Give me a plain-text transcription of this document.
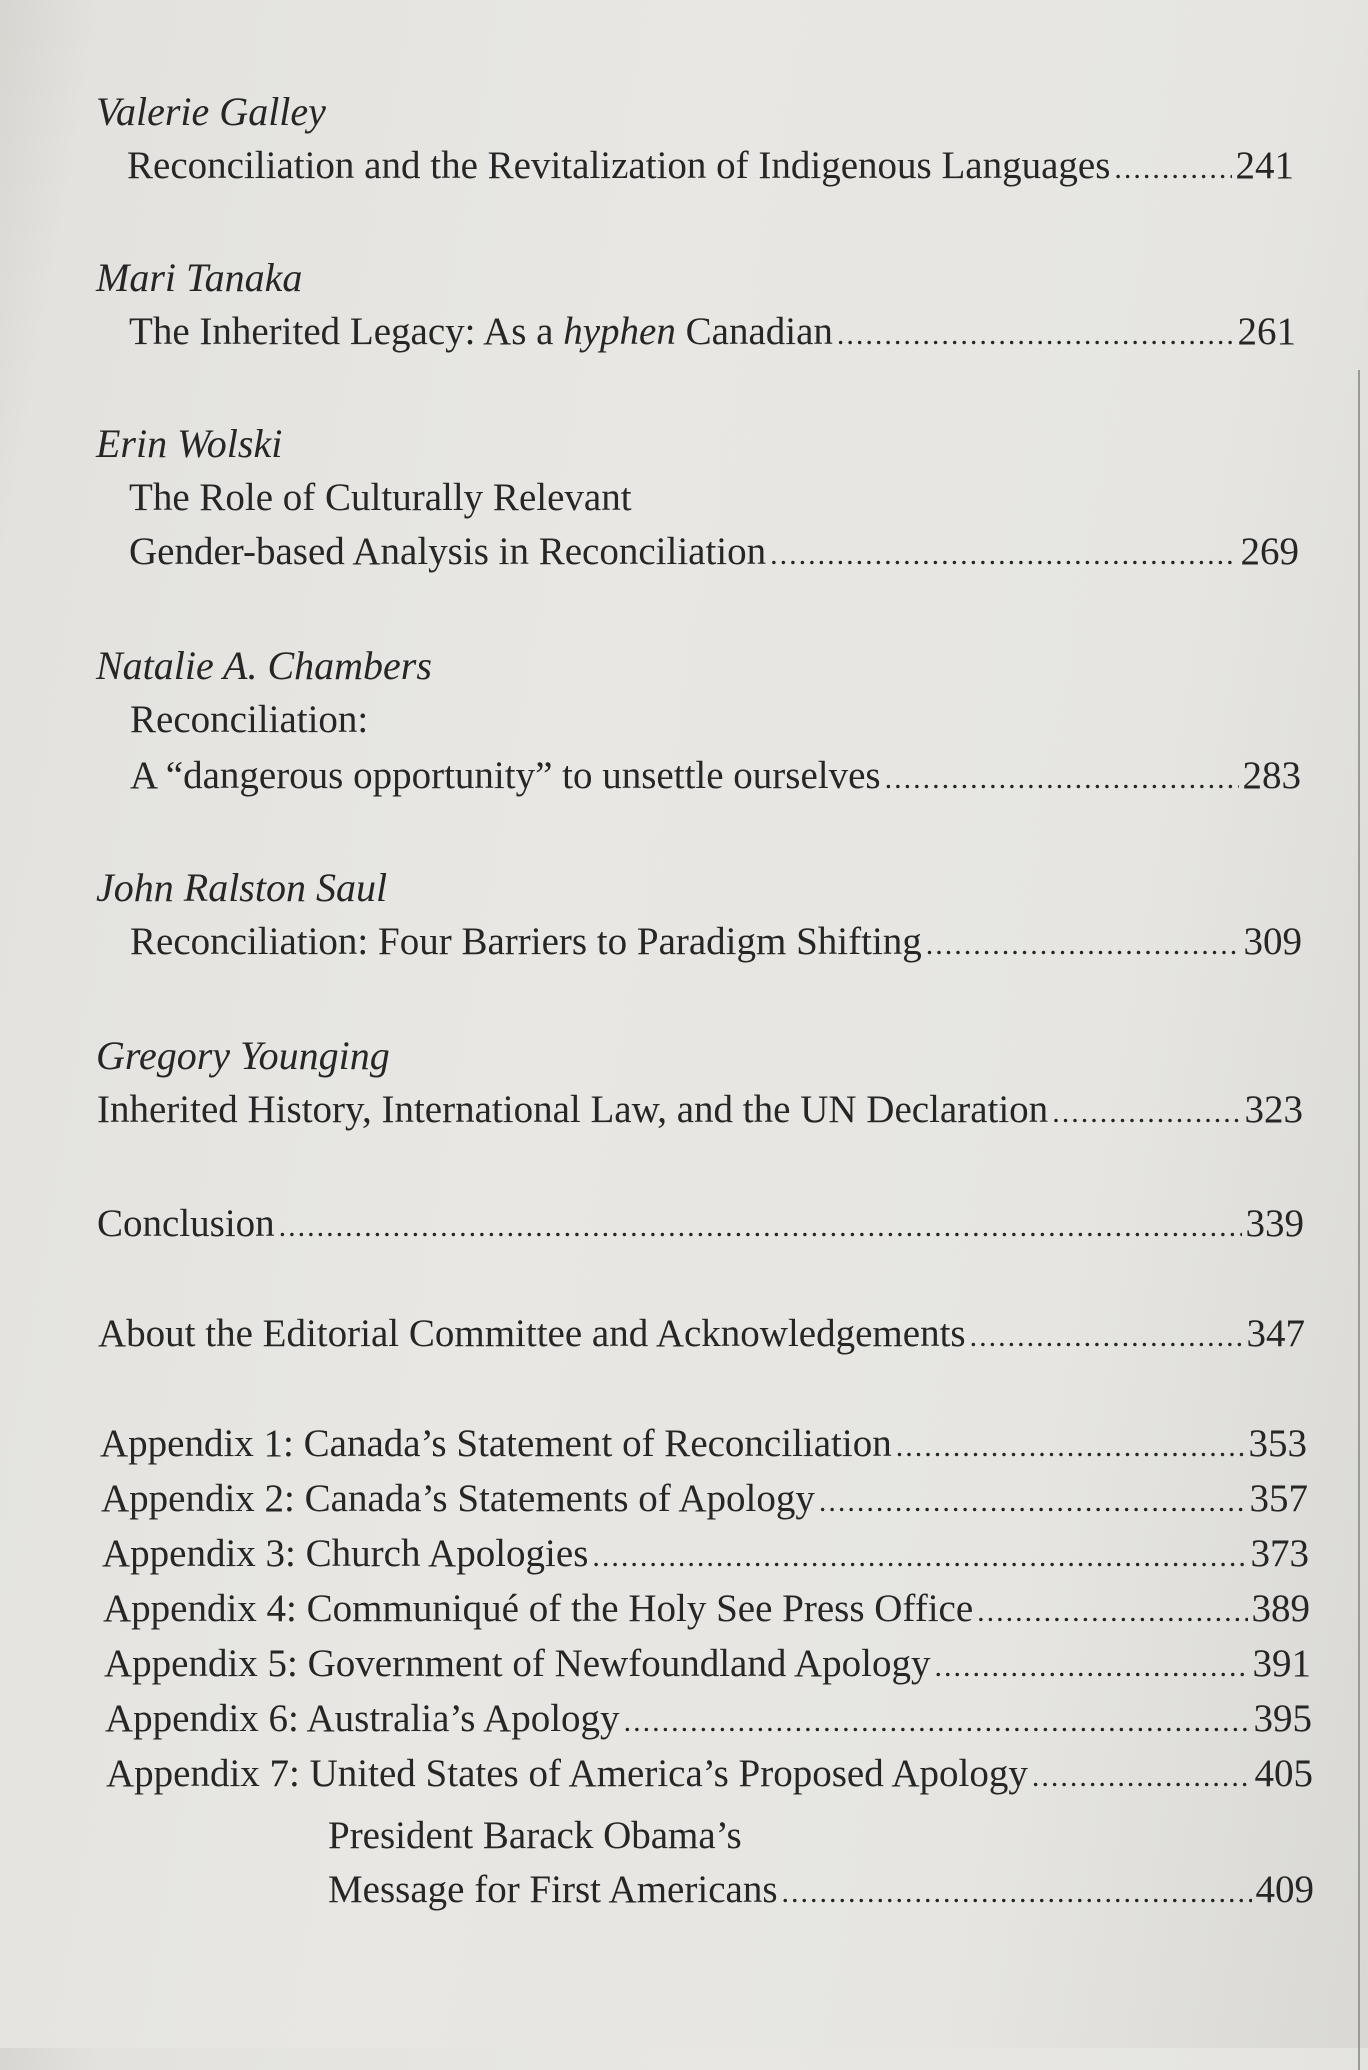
Valerie Galley
Reconciliation and the Revitalization of Indigenous Languages .....	241
Mari Tanaka
The Inherited Legacy: As a hyphen Canadian .....	261
Erin Wolski
The Role of Culturally Relevant
Gender-based Analysis in Reconciliation .....	269
Natalie A. Chambers
Reconciliation:
A “dangerous opportunity” to unsettle ourselves .....	283
John Ralston Saul
Reconciliation: Four Barriers to Paradigm Shifting .....	309
Gregory Younging
Inherited History, International Law, and the UN Declaration .....	323
Conclusion .....	339
About the Editorial Committee and Acknowledgements .....	347
Appendix 1: Canada’s Statement of Reconciliation .....	353
Appendix 2: Canada’s Statements of Apology .....	357
Appendix 3: Church Apologies .....	373
Appendix 4: Communiqué of the Holy See Press Office .....	389
Appendix 5: Government of Newfoundland Apology .....	391
Appendix 6: Australia’s Apology .....	395
Appendix 7: United States of America’s Proposed Apology .....	405
President Barack Obama’s
Message for First Americans .....	409
